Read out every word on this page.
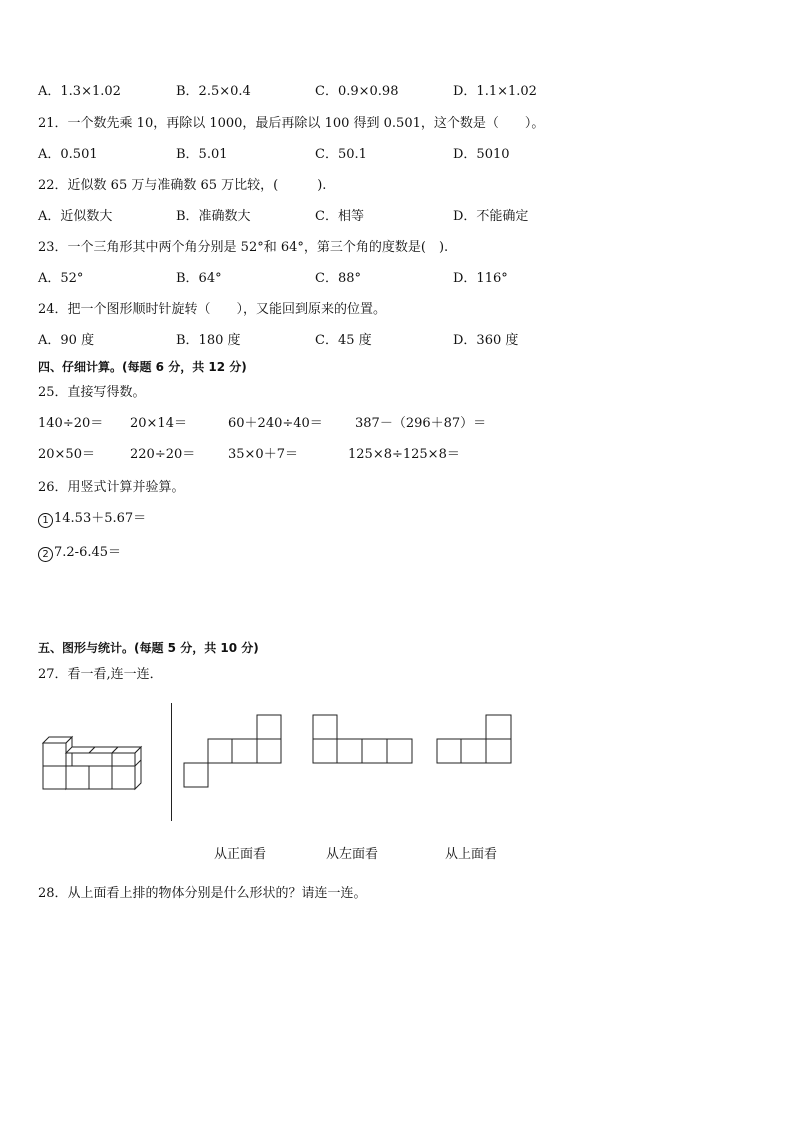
A．1.3×1.02	B．2.5×0.4	C．0.9×0.98	D．1.1×1.02
21．一个数先乘 10，再除以 1000，最后再除以 100 得到 0.501，这个数是（　　）。
A．0.501	B．5.01	C．50.1	D．5010
22．近似数 65 万与准确数 65 万比较，(　　　).
A．近似数大	B．准确数大	C．相等	D．不能确定
23．一个三角形其中两个角分别是 52°和 64°，第三个角的度数是(　).
A．52°	B．64°	C．88°	D．116°
24．把一个图形顺时针旋转（　　），又能回到原来的位置。
A．90 度	B．180 度	C．45 度	D．360 度
四、仔细计算。(每题 6 分，共 12 分)
25．直接写得数。
140÷20＝ 20×14＝	60＋240÷40＝ 387－（296＋87）＝
20×50＝	220÷20＝	35×0＋7＝	125×8÷125×8＝
26．用竖式计算并验算。
1 14.53＋5.67＝
2 7.2-6.45＝
五、图形与统计。(每题 5 分，共 10 分)
27．看一看,连一连．
从正面看	从左面看	从上面看
28．从上面看上排的物体分别是什么形状的？请连一连。
